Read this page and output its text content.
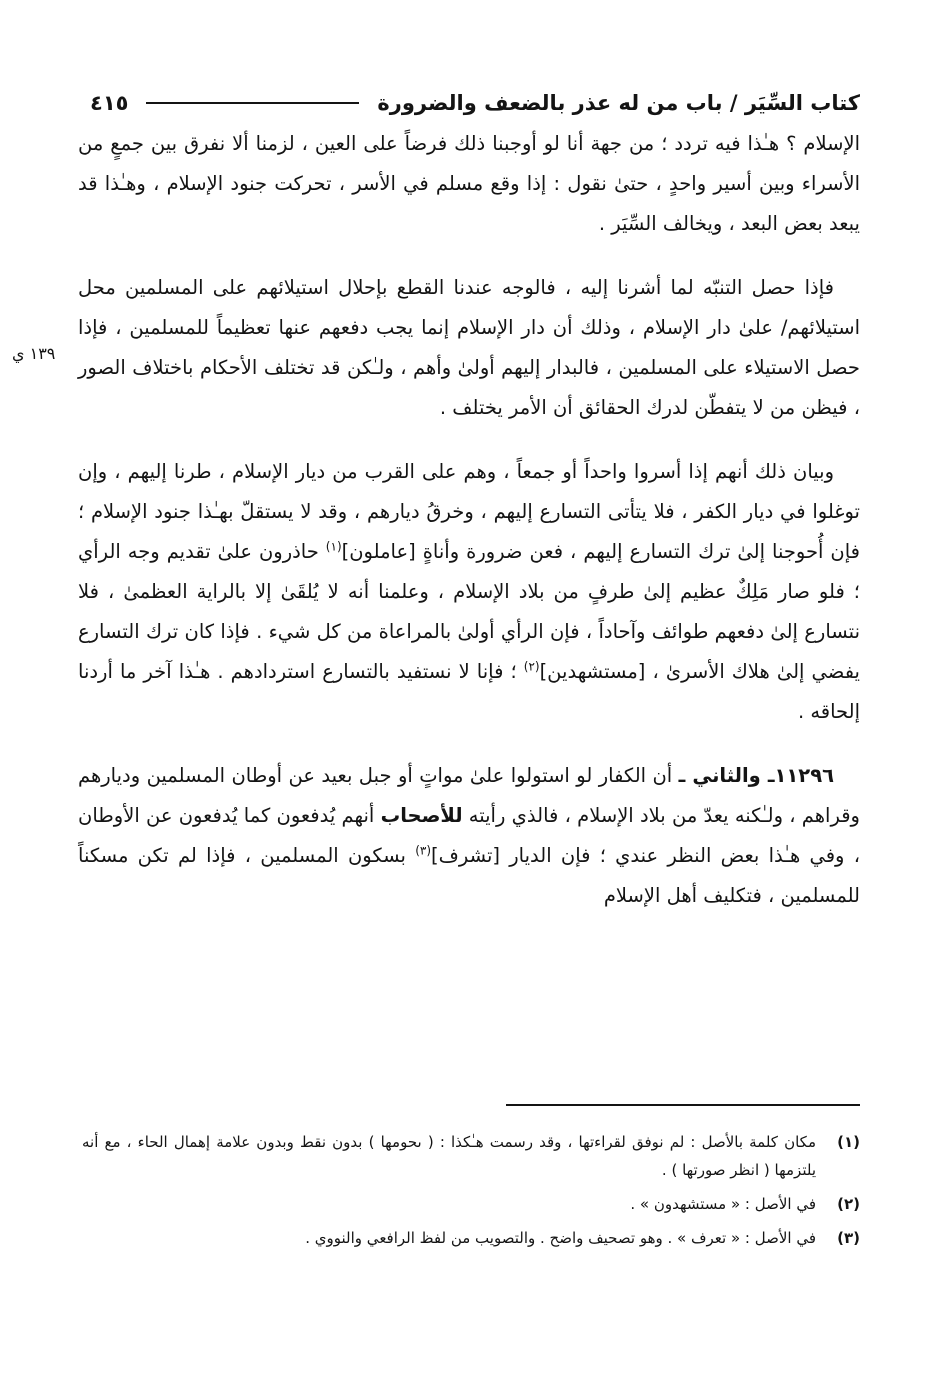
كتاب السِّيَر / باب من له عذر بالضعف والضرورة
٤١٥
١٣٩ ي

الإسلام ؟ هـٰذا فيه تردد ؛ من جهة أنا لو أوجبنا ذلك فرضاً على العين ، لزمنا ألا نفرق بين جمعٍ من الأسراء وبين أسير واحدٍ ، حتىٰ نقول : إذا وقع مسلم في الأسر ، تحركت جنود الإسلام ، وهـٰذا قد يبعد بعض البعد ، ويخالف السِّيَر .

فإذا حصل التنبّه لما أشرنا إليه ، فالوجه عندنا القطع بإحلال استيلائهم على المسلمين محل استيلائهم/ علىٰ دار الإسلام ، وذلك أن دار الإسلام إنما يجب دفعهم عنها تعظيماً للمسلمين ، فإذا حصل الاستيلاء على المسلمين ، فالبدار إليهم أولىٰ وأهم ، ولـٰكن قد تختلف الأحكام باختلاف الصور ، فيظن من لا يتفطّن لدرك الحقائق أن الأمر يختلف .

وبيان ذلك أنهم إذا أسروا واحداً أو جمعاً ، وهم على القرب من ديار الإسلام ، طرنا إليهم ، وإن توغلوا في ديار الكفر ، فلا يتأتى التسارع إليهم ، وخرقُ ديارهم ، وقد لا يستقلّ بهـٰذا جنود الإسلام ؛ فإن أُحوجنا إلىٰ ترك التسارع إليهم ، فعن ضرورة وأناةٍ [عاملون]$^{(١)}$ حاذرون علىٰ تقديم وجه الرأي ؛ فلو صار مَلِكٌ عظيم إلىٰ طرفٍ من بلاد الإسلام ، وعلمنا أنه لا يُلقَىٰ إلا بالراية العظمىٰ ، فلا نتسارع إلىٰ دفعهم طوائف وآحاداً ، فإن الرأي أولىٰ بالمراعاة من كل شيء . فإذا كان ترك التسارع يفضي إلىٰ هلاك الأسرىٰ ، [مستشهدين]$^{(٢)}$ ؛ فإنا لا نستفيد بالتسارع استردادهم . هـٰذا آخر ما أردنا إلحاقه .

١١٢٩٦ـ والثاني ـ أن الكفار لو استولوا علىٰ مواتٍ أو جبل بعيد عن أوطان المسلمين وديارهم وقراهم ، ولـٰكنه يعدّ من بلاد الإسلام ، فالذي رأيته للأصحاب أنهم يُدفعون كما يُدفعون عن الأوطان ، وفي هـٰذا بعض النظر عندي ؛ فإن الديار [تشرف]$^{(٣)}$ بسكون المسلمين ، فإذا لم تكن مسكناً للمسلمين ، فتكليف أهل الإسلام

(١)
مكان كلمة بالأصل : لم نوفق لقراءتها ، وقد رسمت هـٰكذا : ( ىحومها ) بدون نقط وبدون علامة إهمال الحاء ، مع أنه يلتزمها ( انظر صورتها ) .
(٢)
في الأصل : « مستشهدون » .
(٣)
في الأصل : « تعرف » . وهو تصحيف واضح . والتصويب من لفظ الرافعي والنووي .
